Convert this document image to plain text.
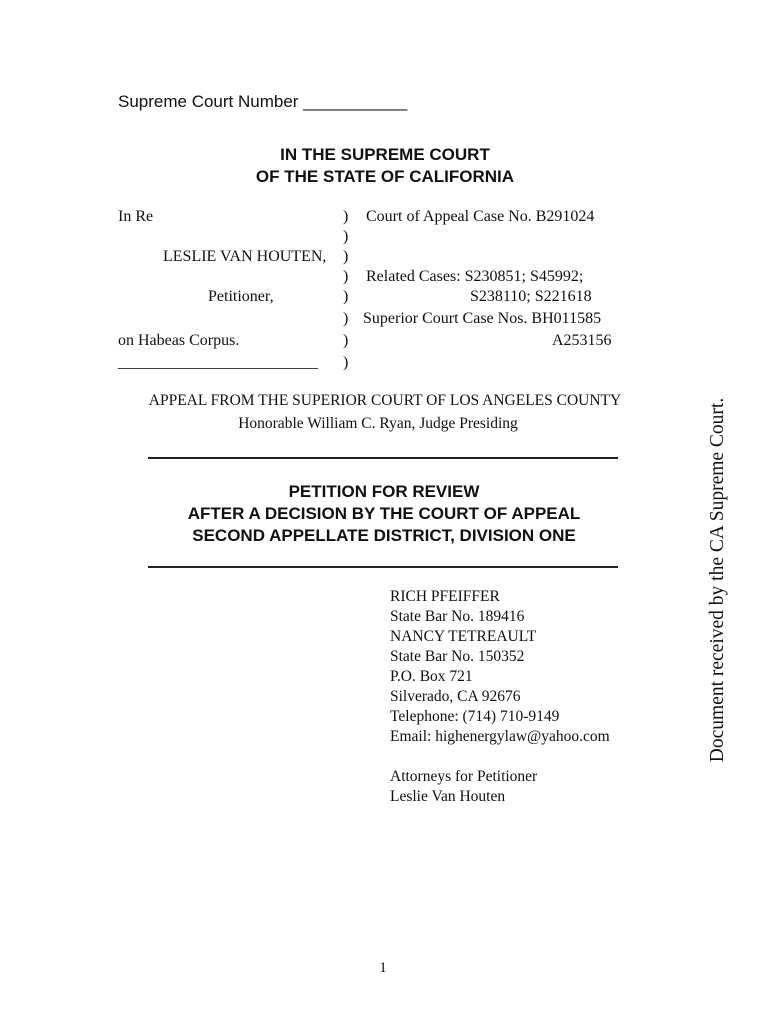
Supreme Court Number ___________
IN THE SUPREME COURT
OF THE STATE OF CALIFORNIA
In Re
LESLIE VAN HOUTEN,
Petitioner,
on Habeas Corpus.
_________________________
)
)
)
)
)
)
)
)
Court of Appeal Case No. B291024
Related Cases: S230851; S45992;
S238110; S221618
Superior Court Case Nos. BH011585
A253156
APPEAL FROM THE SUPERIOR COURT OF LOS ANGELES COUNTY
Honorable William C. Ryan, Judge Presiding
PETITION FOR REVIEW
AFTER A DECISION BY THE COURT OF APPEAL
SECOND APPELLATE DISTRICT, DIVISION ONE
RICH PFEIFFER
State Bar No. 189416
NANCY TETREAULT
State Bar No. 150352
P.O. Box 721
Silverado, CA 92676
Telephone: (714) 710-9149
Email: highenergylaw@yahoo.com
Attorneys for Petitioner
Leslie Van Houten
1
Document received by the CA Supreme Court.
